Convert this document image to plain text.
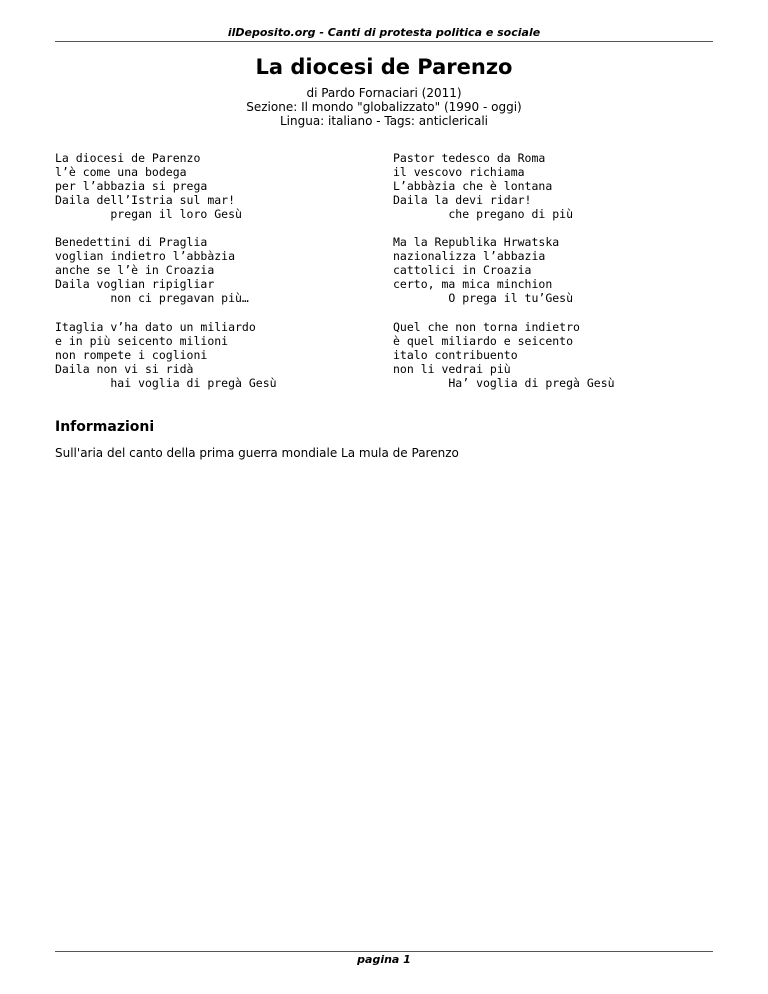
ilDeposito.org - Canti di protesta politica e sociale
La diocesi de Parenzo
di Pardo Fornaciari (2011)
Sezione: Il mondo "globalizzato" (1990 - oggi)
Lingua: italiano - Tags: anticlericali
La diocesi de Parenzo
l’è come una bodega
per l’abbazia si prega
Daila dell’Istria sul mar!
pregan il loro Gesù
Pastor tedesco da Roma
il vescovo richiama
L’abbàzia che è lontana
Daila la devi ridar!
che pregano di più
Benedettini di Praglia
voglian indietro l’abbàzia
anche se l’è in Croazia
Daila voglian ripigliar
non ci pregavan più…
Ma la Republika Hrwatska
nazionalizza l’abbazia
cattolici in Croazia
certo, ma mica minchion
O prega il tu’Gesù
Itaglia v’ha dato un miliardo
e in più seicento milioni
non rompete i coglioni
Daila non vi si ridà
hai voglia di pregà Gesù
Quel che non torna indietro
è quel miliardo e seicento
italo contribuento
non li vedrai più
Ha’ voglia di pregà Gesù
Informazioni
Sull'aria del canto della prima guerra mondiale La mula de Parenzo
pagina 1
